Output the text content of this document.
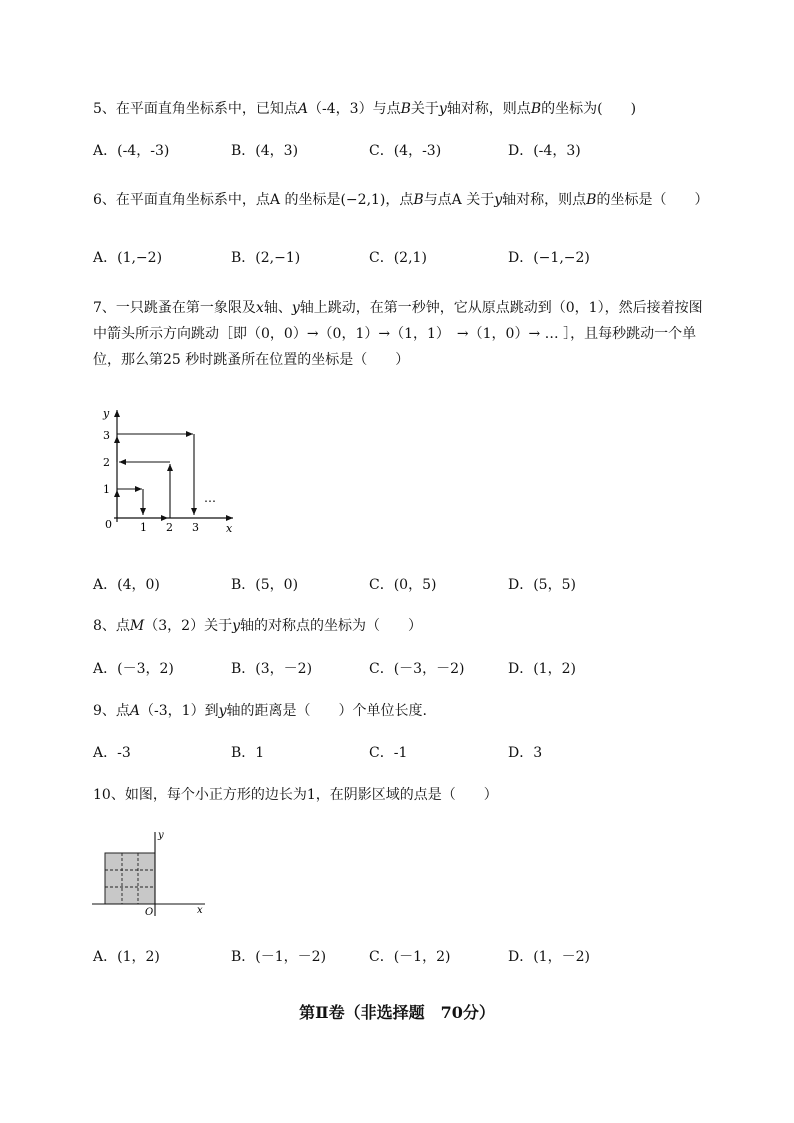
5、在平面直角坐标系中，已知点A（-4，3）与点B关于y轴对称，则点B的坐标为(　　)
A．(-4，-3)	B．(4，3)	C．(4，-3)	D．(-4，3)
6、在平面直角坐标系中，点A 的坐标是(−2,1)，点B与点A 关于y轴对称，则点B的坐标是（　　）
A．(1,−2)	B．(2,−1)	C．(2,1)	D．(−1,−2)
7、一只跳蚤在第一象限及x轴、y轴上跳动，在第一秒钟，它从原点跳动到（0，1），然后接着按图
中箭头所示方向跳动［即（0，0）→（0，1）→（1，1）　→（1，0）→ … ］，且每秒跳动一个单
位，那么第25 秒时跳蚤所在位置的坐标是（　　）
y
x
0	1 2 3
1
2
3
…
A．(4，0)	B．(5，0)	C．(0，5)	D．(5，5)
8、点M（3，2）关于y轴的对称点的坐标为（　　）
A．(－3，2)	B．(3，－2)	C．(－3，－2)	D．(1，2)
9、点A（-3，1）到y轴的距离是（　　）个单位长度.
A．-3	B．1	C．-1	D．3
10、如图，每个小正方形的边长为1，在阴影区域的点是（　　）
y
x
O
A．(1，2)	B．(－1，－2)	C．(－1，2)	D．(1，－2)
第Ⅱ卷（非选择题　70分）
